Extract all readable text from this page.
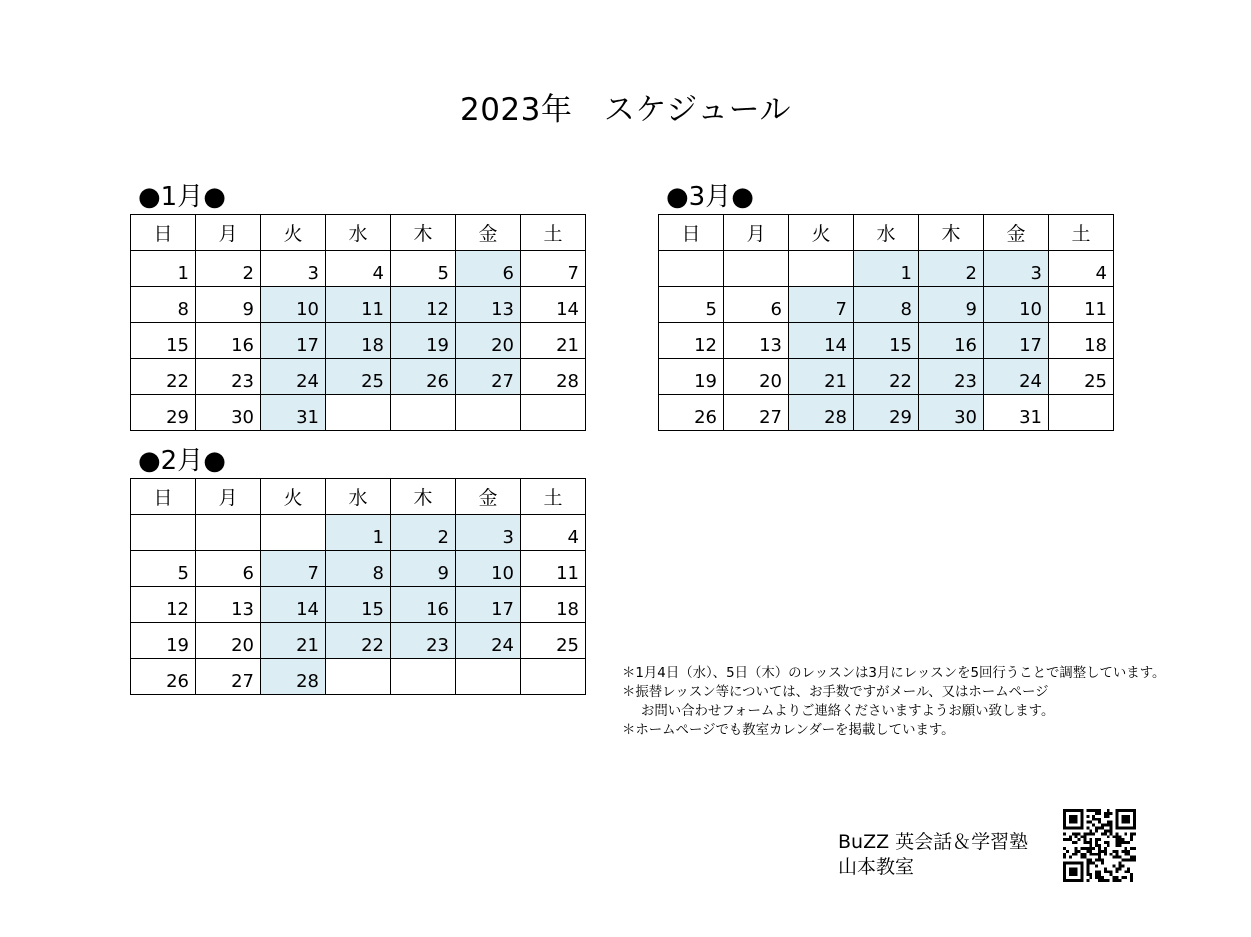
2023年　スケジュール
●1月●
日	月	火	水	木	金	土
1	2	3	4	5	6	7
8	9	10	11	12	13	14
15	16	17	18	19	20	21
22	23	24	25	26	27	28
29	30	31				
●2月●
日	月	火	水	木	金	土
			1	2	3	4
5	6	7	8	9	10	11
12	13	14	15	16	17	18
19	20	21	22	23	24	25
26	27	28				
●3月●
日	月	火	水	木	金	土
			1	2	3	4
5	6	7	8	9	10	11
12	13	14	15	16	17	18
19	20	21	22	23	24	25
26	27	28	29	30	31	
＊1月4日（水）、5日（木）のレッスンは3月にレッスンを5回行うことで調整しています。
＊振替レッスン等については、お手数ですがメール、又はホームページ
お問い合わせフォームよりご連絡くださいますようお願い致します。
＊ホームページでも教室カレンダーを掲載しています。
BuZZ 英会話＆学習塾
山本教室
